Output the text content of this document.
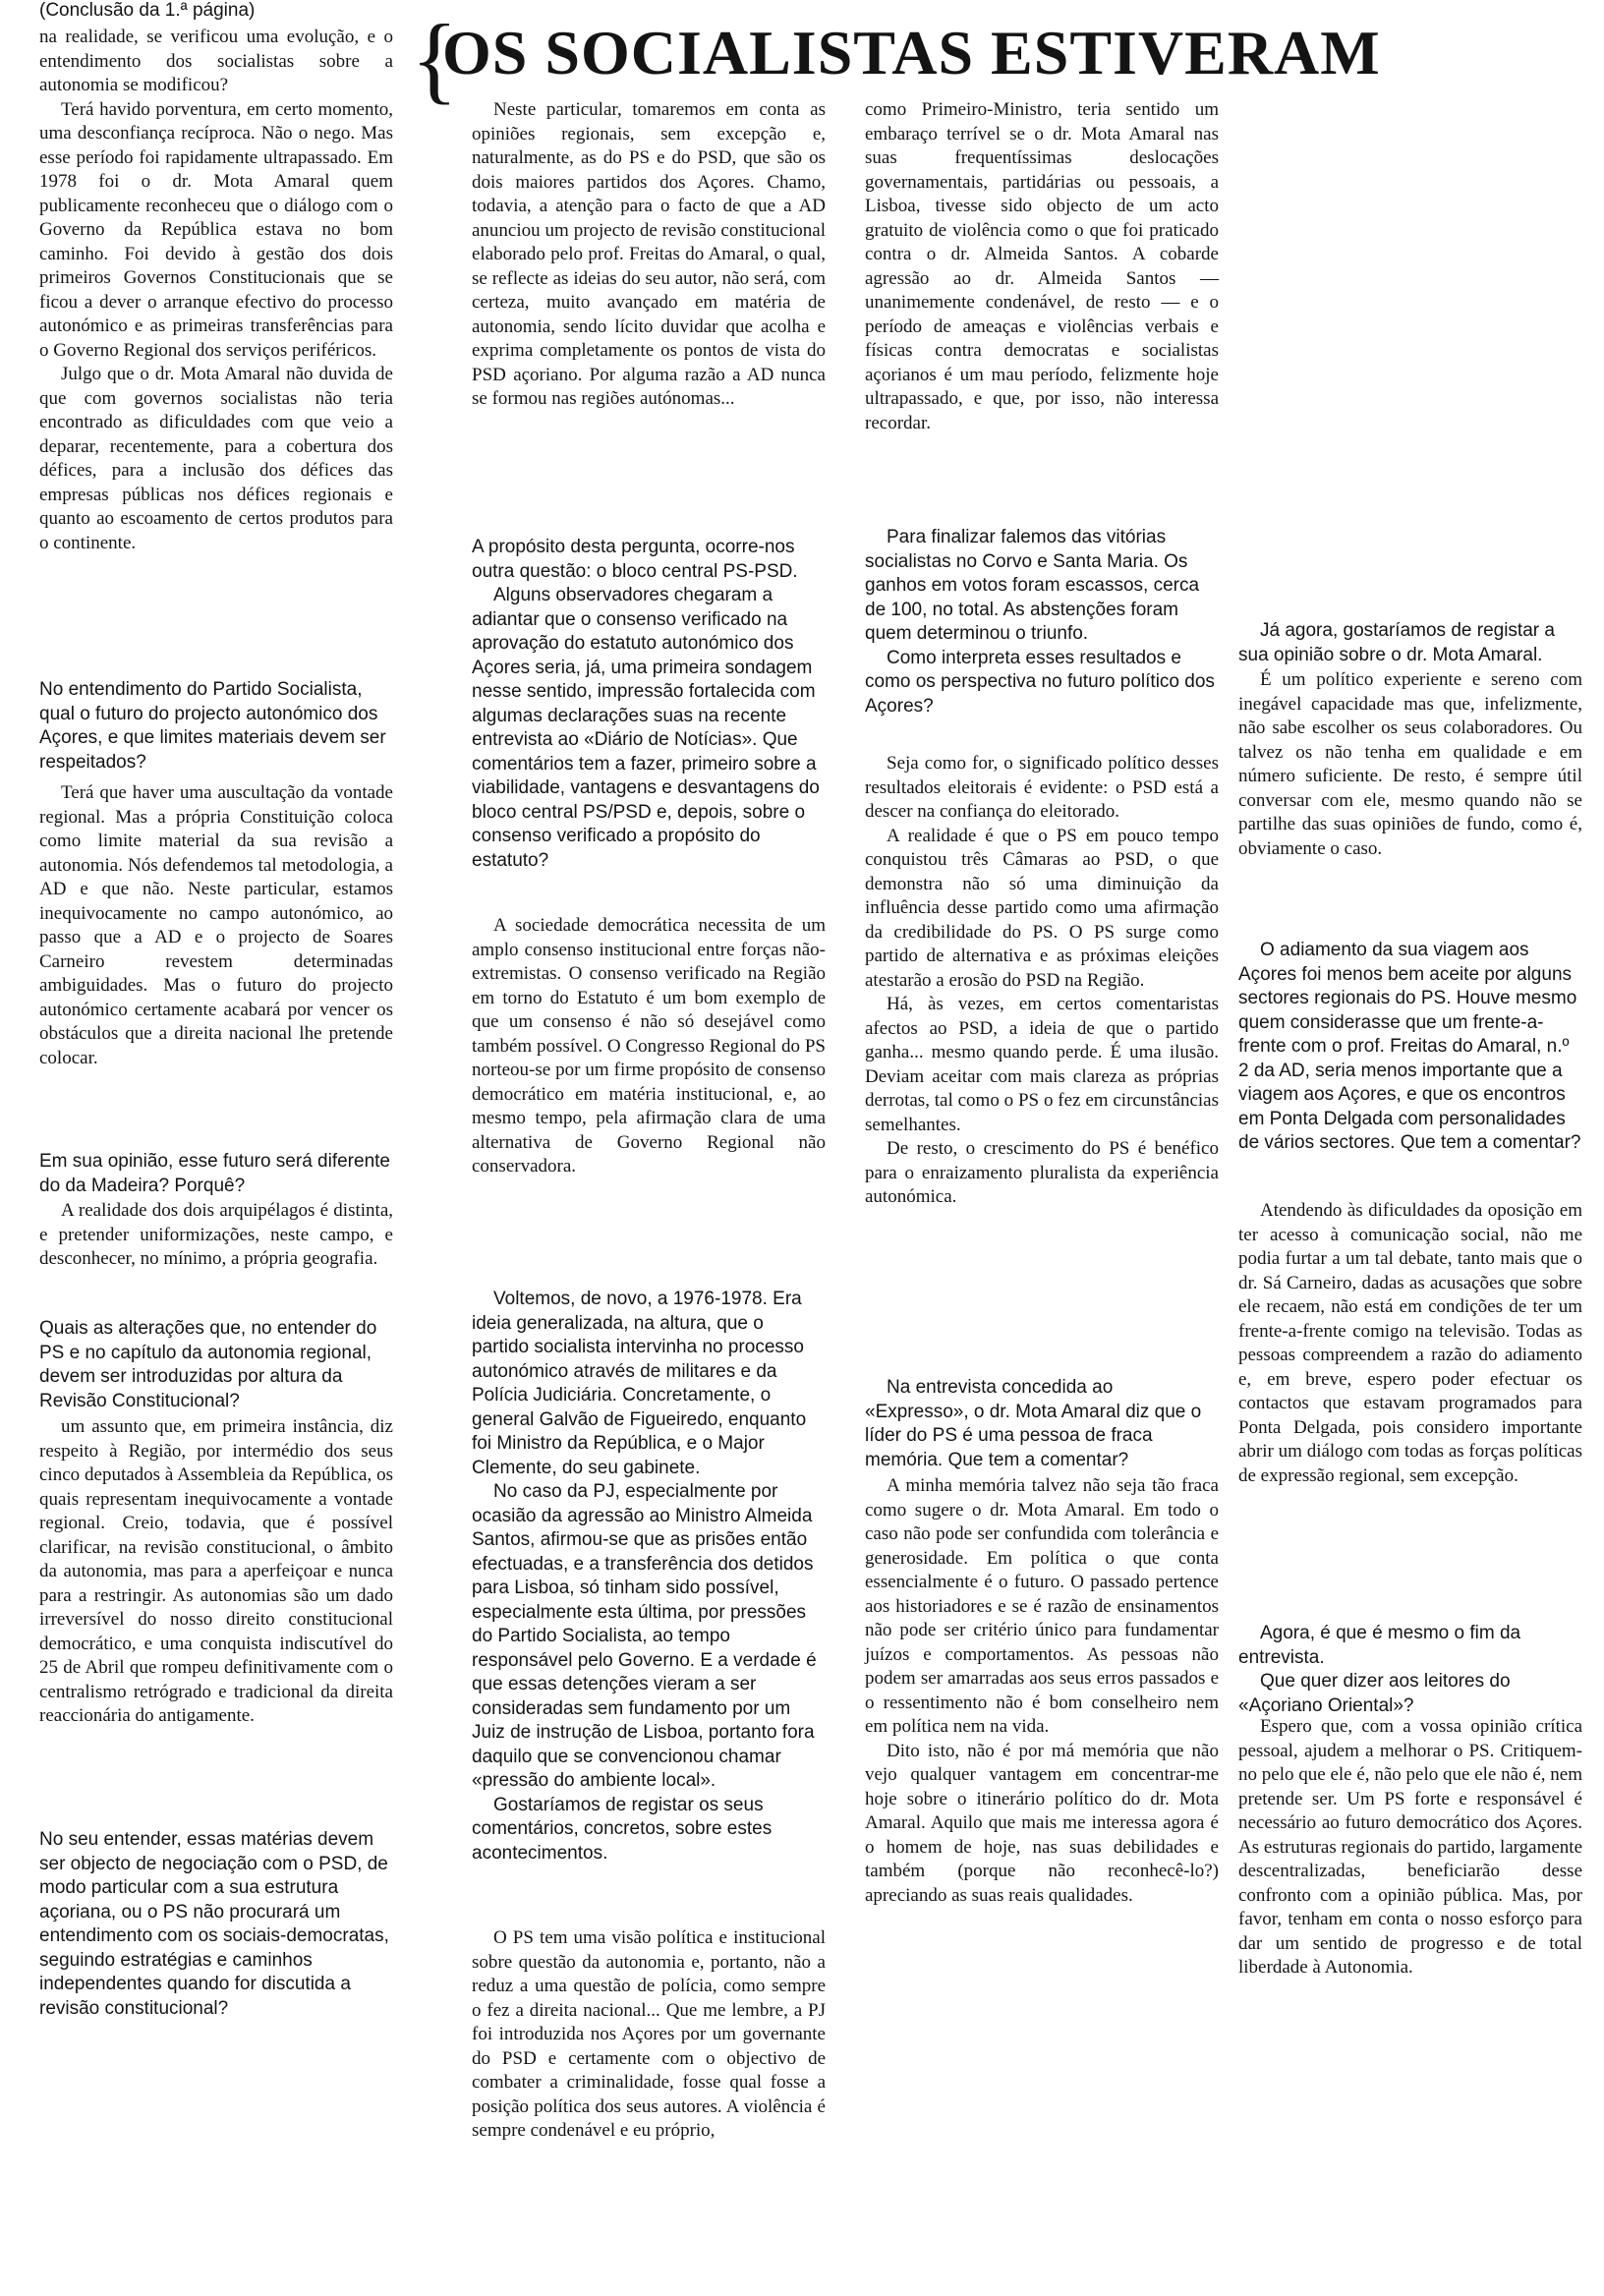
(Conclusão da 1.ª página) {
OS SOCIALISTAS ESTIVERAM

na realidade, se verificou uma evolução, e o entendimento dos socialistas sobre a autonomia se modificou?

Terá havido porventura, em certo momento, uma desconfiança recíproca. Não o nego. Mas esse período foi rapidamente ultrapassado. Em 1978 foi o dr. Mota Amaral quem publicamente reconheceu que o diálogo com o Governo da República estava no bom caminho. Foi devido à gestão dos dois primeiros Governos Constitucionais que se ficou a dever o arranque efectivo do processo autonómico e as primeiras transferências para o Governo Regional dos serviços periféricos.

Julgo que o dr. Mota Amaral não duvida de que com governos socialistas não teria encontrado as dificuldades com que veio a deparar, recentemente, para a cobertura dos défices, para a inclusão dos défices das empresas públicas nos défices regionais e quanto ao escoamento de certos produtos para o continente.

No entendimento do Partido Socialista, qual o futuro do projecto autonómico dos Açores, e que limites materiais devem ser respeitados?

Terá que haver uma auscultação da vontade regional. Mas a própria Constituição coloca como limite material da sua revisão a autonomia. Nós defendemos tal metodologia, a AD e que não. Neste particular, estamos inequivocamente no campo autonómico, ao passo que a AD e o projecto de Soares Carneiro revestem determinadas ambiguidades. Mas o futuro do projecto autonómico certamente acabará por vencer os obstáculos que a direita nacional lhe pretende colocar.

Em sua opinião, esse futuro será diferente do da Madeira? Porquê?

A realidade dos dois arquipélagos é distinta, e pretender uniformizações, neste campo, e desconhecer, no mínimo, a própria geografia.

Quais as alterações que, no entender do PS e no capítulo da autonomia regional, devem ser introduzidas por altura da Revisão Constitucional?

um assunto que, em primeira instância, diz respeito à Região, por intermédio dos seus cinco deputados à Assembleia da República, os quais representam inequivocamente a vontade regional. Creio, todavia, que é possível clarificar, na revisão constitucional, o âmbito da autonomia, mas para a aperfeiçoar e nunca para a restringir. As autonomias são um dado irreversível do nosso direito constitucional democrático, e uma conquista indiscutível do 25 de Abril que rompeu definitivamente com o centralismo retrógrado e tradicional da direita reaccionária do antigamente.

No seu entender, essas matérias devem ser objecto de negociação com o PSD, de modo particular com a sua estrutura açoriana, ou o PS não procurará um entendimento com os sociais-democratas, seguindo estratégias e caminhos independentes quando for discutida a revisão constitucional?

Neste particular, tomaremos em conta as opiniões regionais, sem excepção e, naturalmente, as do PS e do PSD, que são os dois maiores partidos dos Açores. Chamo, todavia, a atenção para o facto de que a AD anunciou um projecto de revisão constitucional elaborado pelo prof. Freitas do Amaral, o qual, se reflecte as ideias do seu autor, não será, com certeza, muito avançado em matéria de autonomia, sendo lícito duvidar que acolha e exprima completamente os pontos de vista do PSD açoriano. Por alguma razão a AD nunca se formou nas regiões autónomas...

A propósito desta pergunta, ocorre-nos outra questão: o bloco central PS-PSD.

Alguns observadores chegaram a adiantar que o consenso verificado na aprovação do estatuto autonómico dos Açores seria, já, uma primeira sondagem nesse sentido, impressão fortalecida com algumas declarações suas na recente entrevista ao «Diário de Notícias». Que comentários tem a fazer, primeiro sobre a viabilidade, vantagens e desvantagens do bloco central PS/PSD e, depois, sobre o consenso verificado a propósito do estatuto?

A sociedade democrática necessita de um amplo consenso institucional entre forças não-extremistas. O consenso verificado na Região em torno do Estatuto é um bom exemplo de que um consenso é não só desejável como também possível. O Congresso Regional do PS norteou-se por um firme propósito de consenso democrático em matéria institucional, e, ao mesmo tempo, pela afirmação clara de uma alternativa de Governo Regional não conservadora.

Voltemos, de novo, a 1976-1978. Era ideia generalizada, na altura, que o partido socialista intervinha no processo autonómico através de militares e da Polícia Judiciária. Concretamente, o general Galvão de Figueiredo, enquanto foi Ministro da República, e o Major Clemente, do seu gabinete.

No caso da PJ, especialmente por ocasião da agressão ao Ministro Almeida Santos, afirmou-se que as prisões então efectuadas, e a transferência dos detidos para Lisboa, só tinham sido possível, especialmente esta última, por pressões do Partido Socialista, ao tempo responsável pelo Governo. E a verdade é que essas detenções vieram a ser consideradas sem fundamento por um Juiz de instrução de Lisboa, portanto fora daquilo que se convencionou chamar «pressão do ambiente local».

Gostaríamos de registar os seus comentários, concretos, sobre estes acontecimentos.

O PS tem uma visão política e institucional sobre questão da autonomia e, portanto, não a reduz a uma questão de polícia, como sempre o fez a direita nacional... Que me lembre, a PJ foi introduzida nos Açores por um governante do PSD e certamente com o objectivo de combater a criminalidade, fosse qual fosse a posição política dos seus autores. A violência é sempre condenável e eu próprio,

como Primeiro-Ministro, teria sentido um embaraço terrível se o dr. Mota Amaral nas suas frequentíssimas deslocações governamentais, partidárias ou pessoais, a Lisboa, tivesse sido objecto de um acto gratuito de violência como o que foi praticado contra o dr. Almeida Santos. A cobarde agressão ao dr. Almeida Santos — unanimemente condenável, de resto — e o período de ameaças e violências verbais e físicas contra democratas e socialistas açorianos é um mau período, felizmente hoje ultrapassado, e que, por isso, não interessa recordar.

Para finalizar falemos das vitórias socialistas no Corvo e Santa Maria. Os ganhos em votos foram escassos, cerca de 100, no total. As abstenções foram quem determinou o triunfo.

Como interpreta esses resultados e como os perspectiva no futuro político dos Açores?

Seja como for, o significado político desses resultados eleitorais é evidente: o PSD está a descer na confiança do eleitorado.

A realidade é que o PS em pouco tempo conquistou três Câmaras ao PSD, o que demonstra não só uma diminuição da influência desse partido como uma afirmação da credibilidade do PS. O PS surge como partido de alternativa e as próximas eleições atestarão a erosão do PSD na Região.

Há, às vezes, em certos comentaristas afectos ao PSD, a ideia de que o partido ganha... mesmo quando perde. É uma ilusão. Deviam aceitar com mais clareza as próprias derrotas, tal como o PS o fez em circunstâncias semelhantes.

De resto, o crescimento do PS é benéfico para o enraizamento pluralista da experiência autonómica.

Na entrevista concedida ao «Expresso», o dr. Mota Amaral diz que o líder do PS é uma pessoa de fraca memória. Que tem a comentar?

A minha memória talvez não seja tão fraca como sugere o dr. Mota Amaral. Em todo o caso não pode ser confundida com tolerância e generosidade. Em política o que conta essencialmente é o futuro. O passado pertence aos historiadores e se é razão de ensinamentos não pode ser critério único para fundamentar juízos e comportamentos. As pessoas não podem ser amarradas aos seus erros passados e o ressentimento não é bom conselheiro nem em política nem na vida.

Dito isto, não é por má memória que não vejo qualquer vantagem em concentrar-me hoje sobre o itinerário político do dr. Mota Amaral. Aquilo que mais me interessa agora é o homem de hoje, nas suas debilidades e também (porque não reconhecê-lo?) apreciando as suas reais qualidades.

Já agora, gostaríamos de registar a sua opinião sobre o dr. Mota Amaral.

É um político experiente e sereno com inegável capacidade mas que, infelizmente, não sabe escolher os seus colaboradores. Ou talvez os não tenha em qualidade e em número suficiente. De resto, é sempre útil conversar com ele, mesmo quando não se partilhe das suas opiniões de fundo, como é, obviamente o caso.

O adiamento da sua viagem aos Açores foi menos bem aceite por alguns sectores regionais do PS. Houve mesmo quem considerasse que um frente-a-frente com o prof. Freitas do Amaral, n.º 2 da AD, seria menos importante que a viagem aos Açores, e que os encontros em Ponta Delgada com personalidades de vários sectores. Que tem a comentar?

Atendendo às dificuldades da oposição em ter acesso à comunicação social, não me podia furtar a um tal debate, tanto mais que o dr. Sá Carneiro, dadas as acusações que sobre ele recaem, não está em condições de ter um frente-a-frente comigo na televisão. Todas as pessoas compreendem a razão do adiamento e, em breve, espero poder efectuar os contactos que estavam programados para Ponta Delgada, pois considero importante abrir um diálogo com todas as forças políticas de expressão regional, sem excepção.

Agora, é que é mesmo o fim da entrevista.

Que quer dizer aos leitores do «Açoriano Oriental»?

Espero que, com a vossa opinião crítica pessoal, ajudem a melhorar o PS. Critiquem-no pelo que ele é, não pelo que ele não é, nem pretende ser. Um PS forte e responsável é necessário ao futuro democrático dos Açores. As estruturas regionais do partido, largamente descentralizadas, beneficiarão desse confronto com a opinião pública. Mas, por favor, tenham em conta o nosso esforço para dar um sentido de progresso e de total liberdade à Autonomia.
